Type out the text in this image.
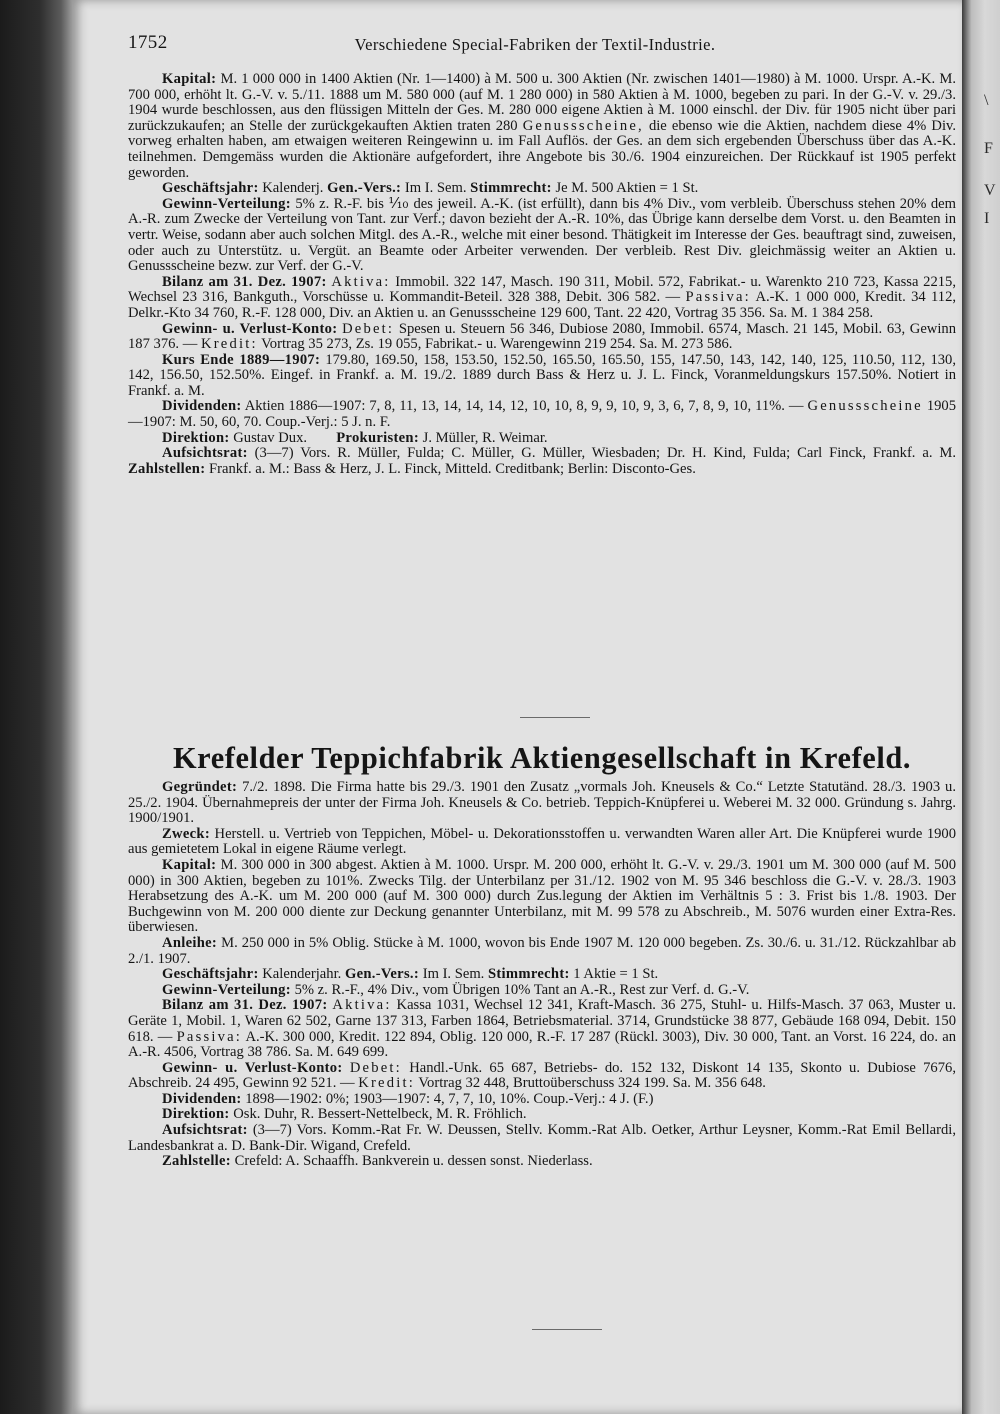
\
F
V
I
1752	Verschiedene Special-Fabriken der Textil-Industrie.

Kapital: M. 1 000 000 in 1400 Aktien (Nr. 1—1400) à M. 500 u. 300 Aktien (Nr. zwischen 1401—1980) à M. 1000. Urspr. A.-K. M. 700 000, erhöht lt. G.-V. v. 5./11. 1888 um M. 580 000 (auf M. 1 280 000) in 580 Aktien à M. 1000, begeben zu pari. In der G.-V. v. 29./3. 1904 wurde beschlossen, aus den flüssigen Mitteln der Ges. M. 280 000 eigene Aktien à M. 1000 einschl. der Div. für 1905 nicht über pari zurückzukaufen; an Stelle der zurückgekauften Aktien traten 280 Genussscheine, die ebenso wie die Aktien, nachdem diese 4% Div. vorweg erhalten haben, am etwaigen weiteren Reingewinn u. im Fall Auflös. der Ges. an dem sich ergebenden Überschuss über das A.-K. teilnehmen. Demgemäss wurden die Aktionäre aufgefordert, ihre Angebote bis 30./6. 1904 einzureichen. Der Rückkauf ist 1905 perfekt geworden.

Geschäftsjahr: Kalenderj. Gen.-Vers.: Im I. Sem. Stimmrecht: Je M. 500 Aktien = 1 St.

Gewinn-Verteilung: 5% z. R.-F. bis ⅒ des jeweil. A.-K. (ist erfüllt), dann bis 4% Div., vom verbleib. Überschuss stehen 20% dem A.-R. zum Zwecke der Verteilung von Tant. zur Verf.; davon bezieht der A.-R. 10%, das Übrige kann derselbe dem Vorst. u. den Beamten in vertr. Weise, sodann aber auch solchen Mitgl. des A.-R., welche mit einer besond. Thätigkeit im Interesse der Ges. beauftragt sind, zuweisen, oder auch zu Unterstütz. u. Vergüt. an Beamte oder Arbeiter verwenden. Der verbleib. Rest Div. gleichmässig weiter an Aktien u. Genussscheine bezw. zur Verf. der G.-V.

Bilanz am 31. Dez. 1907: Aktiva: Immobil. 322 147, Masch. 190 311, Mobil. 572, Fabrikat.- u. Warenkto 210 723, Kassa 2215, Wechsel 23 316, Bankguth., Vorschüsse u. Kommandit-Beteil. 328 388, Debit. 306 582. — Passiva: A.-K. 1 000 000, Kredit. 34 112, Delkr.-Kto 34 760, R.-F. 128 000, Div. an Aktien u. an Genussscheine 129 600, Tant. 22 420, Vortrag 35 356. Sa. M. 1 384 258.

Gewinn- u. Verlust-Konto: Debet: Spesen u. Steuern 56 346, Dubiose 2080, Immobil. 6574, Masch. 21 145, Mobil. 63, Gewinn 187 376. — Kredit: Vortrag 35 273, Zs. 19 055, Fabrikat.- u. Warengewinn 219 254. Sa. M. 273 586.

Kurs Ende 1889—1907: 179.80, 169.50, 158, 153.50, 152.50, 165.50, 165.50, 155, 147.50, 143, 142, 140, 125, 110.50, 112, 130, 142, 156.50, 152.50%. Eingef. in Frankf. a. M. 19./2. 1889 durch Bass & Herz u. J. L. Finck, Voranmeldungskurs 157.50%. Notiert in Frankf. a. M.

Dividenden: Aktien 1886—1907: 7, 8, 11, 13, 14, 14, 14, 12, 10, 10, 8, 9, 9, 10, 9, 3, 6, 7, 8, 9, 10, 11%. — Genussscheine 1905—1907: M. 50, 60, 70. Coup.-Verj.: 5 J. n. F.

Direktion: Gustav Dux. Prokuristen: J. Müller, R. Weimar.

Aufsichtsrat: (3—7) Vors. R. Müller, Fulda; C. Müller, G. Müller, Wiesbaden; Dr. H. Kind, Fulda; Carl Finck, Frankf. a. M. Zahlstellen: Frankf. a. M.: Bass & Herz, J. L. Finck, Mitteld. Creditbank; Berlin: Disconto-Ges.

Krefelder Teppichfabrik Aktiengesellschaft in Krefeld.

Gegründet: 7./2. 1898. Die Firma hatte bis 29./3. 1901 den Zusatz „vormals Joh. Kneusels & Co.“ Letzte Statutänd. 28./3. 1903 u. 25./2. 1904. Übernahmepreis der unter der Firma Joh. Kneusels & Co. betrieb. Teppich-Knüpferei u. Weberei M. 32 000. Gründung s. Jahrg. 1900/1901.

Zweck: Herstell. u. Vertrieb von Teppichen, Möbel- u. Dekorationsstoffen u. verwandten Waren aller Art. Die Knüpferei wurde 1900 aus gemietetem Lokal in eigene Räume verlegt.

Kapital: M. 300 000 in 300 abgest. Aktien à M. 1000. Urspr. M. 200 000, erhöht lt. G.-V. v. 29./3. 1901 um M. 300 000 (auf M. 500 000) in 300 Aktien, begeben zu 101%. Zwecks Tilg. der Unterbilanz per 31./12. 1902 von M. 95 346 beschloss die G.-V. v. 28./3. 1903 Herabsetzung des A.-K. um M. 200 000 (auf M. 300 000) durch Zus.legung der Aktien im Verhältnis 5 : 3. Frist bis 1./8. 1903. Der Buchgewinn von M. 200 000 diente zur Deckung genannter Unterbilanz, mit M. 99 578 zu Abschreib., M. 5076 wurden einer Extra-Res. überwiesen.

Anleihe: M. 250 000 in 5% Oblig. Stücke à M. 1000, wovon bis Ende 1907 M. 120 000 begeben. Zs. 30./6. u. 31./12. Rückzahlbar ab 2./1. 1907.

Geschäftsjahr: Kalenderjahr. Gen.-Vers.: Im I. Sem. Stimmrecht: 1 Aktie = 1 St.

Gewinn-Verteilung: 5% z. R.-F., 4% Div., vom Übrigen 10% Tant an A.-R., Rest zur Verf. d. G.-V.

Bilanz am 31. Dez. 1907: Aktiva: Kassa 1031, Wechsel 12 341, Kraft-Masch. 36 275, Stuhl- u. Hilfs-Masch. 37 063, Muster u. Geräte 1, Mobil. 1, Waren 62 502, Garne 137 313, Farben 1864, Betriebsmaterial. 3714, Grundstücke 38 877, Gebäude 168 094, Debit. 150 618. — Passiva: A.-K. 300 000, Kredit. 122 894, Oblig. 120 000, R.-F. 17 287 (Rückl. 3003), Div. 30 000, Tant. an Vorst. 16 224, do. an A.-R. 4506, Vortrag 38 786. Sa. M. 649 699.

Gewinn- u. Verlust-Konto: Debet: Handl.-Unk. 65 687, Betriebs- do. 152 132, Diskont 14 135, Skonto u. Dubiose 7676, Abschreib. 24 495, Gewinn 92 521. — Kredit: Vortrag 32 448, Bruttoüberschuss 324 199. Sa. M. 356 648.

Dividenden: 1898—1902: 0%; 1903—1907: 4, 7, 7, 10, 10%. Coup.-Verj.: 4 J. (F.)

Direktion: Osk. Duhr, R. Bessert-Nettelbeck, M. R. Fröhlich.

Aufsichtsrat: (3—7) Vors. Komm.-Rat Fr. W. Deussen, Stellv. Komm.-Rat Alb. Oetker, Arthur Leysner, Komm.-Rat Emil Bellardi, Landesbankrat a. D. Bank-Dir. Wigand, Crefeld.

Zahlstelle: Crefeld: A. Schaaffh. Bankverein u. dessen sonst. Niederlass.
